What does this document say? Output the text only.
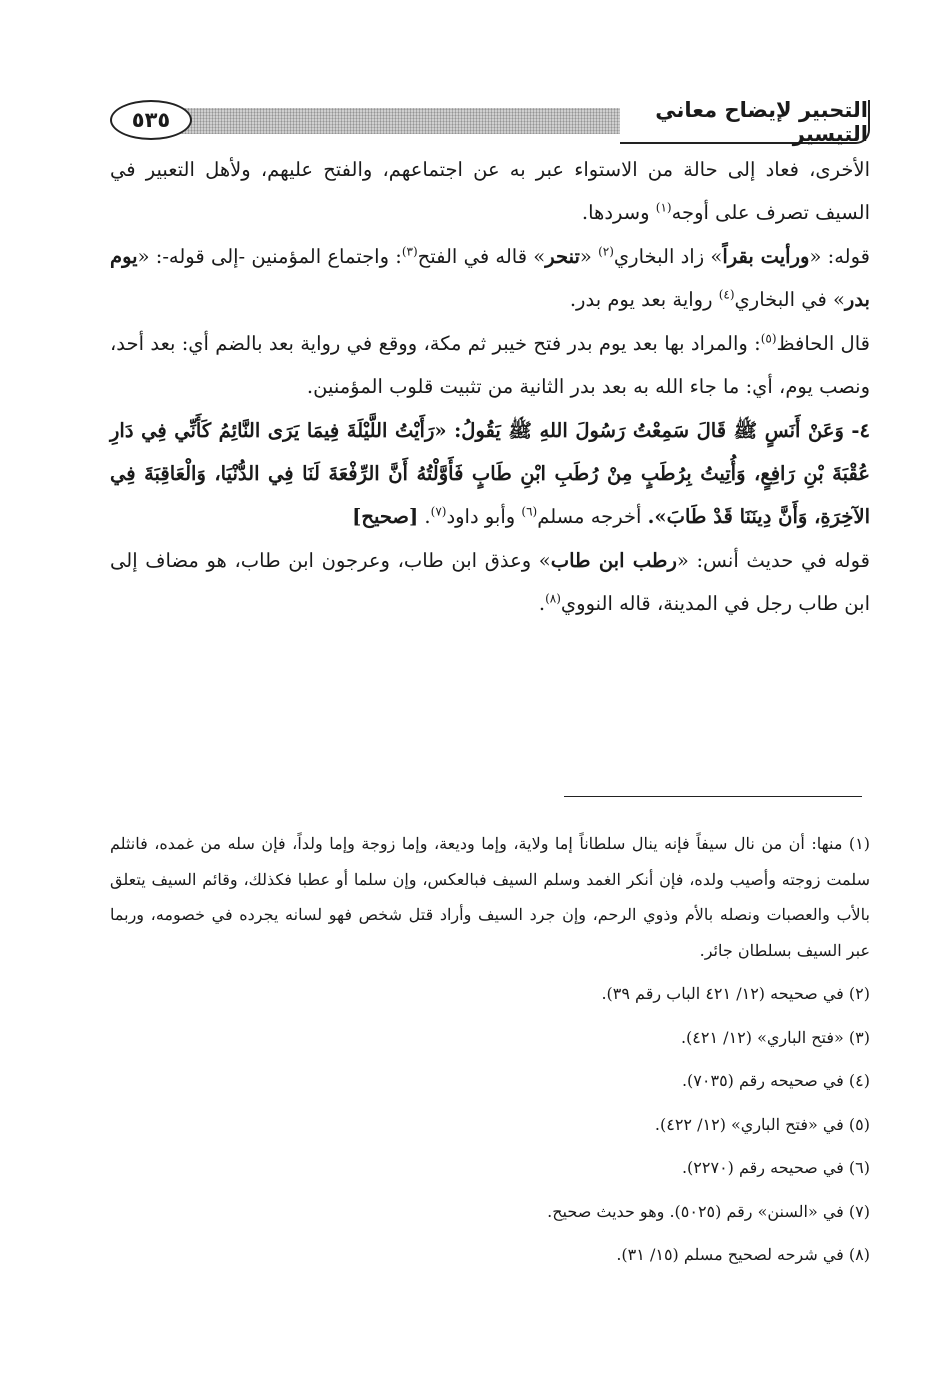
٥٣٥	التحبير لإيضاح معاني التيسير

الأخرى، فعاد إلى حالة من الاستواء عبر به عن اجتماعهم، والفتح عليهم، ولأهل التعبير في السيف تصرف على أوجه$^{(١)}$ وسردها.

قوله: «ورأيت بقراً» زاد البخاري$^{(٢)}$ «تنحر» قاله في الفتح$^{(٣)}$: واجتماع المؤمنين -إلى قوله-: «يوم بدر» في البخاري$^{(٤)}$ رواية بعد يوم بدر.

قال الحافظ$^{(٥)}$: والمراد بها بعد يوم بدر فتح خيبر ثم مكة، ووقع في رواية بعد بالضم أي: بعد أحد، ونصب يوم، أي: ما جاء الله به بعد بدر الثانية من تثبيت قلوب المؤمنين.

٤- وَعَنْ أَنَسٍ ﷺ قَالَ سَمِعْتُ رَسُولَ اللهِ ﷺ يَقُولُ: «رَأَيْتُ اللَّيْلَةَ فِيمَا يَرَى النَّائِمُ كَأَنِّي فِي دَارِ عُقْبَةَ بْنِ رَافِعٍ، وَأُتِيتُ بِرُطَبٍ مِنْ رُطَبِ ابْنِ طَابٍ فَأَوَّلْتُهُ أَنَّ الرِّفْعَةَ لَنَا فِي الدُّنْيَا، وَالْعَاقِبَةَ فِي الآخِرَةِ، وَأَنَّ دِينَنَا قَدْ طَابَ». أخرجه مسلم$^{(٦)}$ وأبو داود$^{(٧)}$. [صحيح]

قوله في حديث أنس: «رطب ابن طاب» وعذق ابن طاب، وعرجون ابن طاب، هو مضاف إلى ابن طاب رجل في المدينة، قاله النووي$^{(٨)}$.

(١) منها: أن من نال سيفاً فإنه ينال سلطاناً إما ولاية، وإما وديعة، وإما زوجة وإما ولداً، فإن سله من غمده، فانثلم سلمت زوجته وأصيب ولده، فإن أنكر الغمد وسلم السيف فبالعكس، وإن سلما أو عطبا فكذلك، وقائم السيف يتعلق بالأب والعصبات ونصله بالأم وذوي الرحم، وإن جرد السيف وأراد قتل شخص فهو لسانه يجرده في خصومه، وربما عبر السيف بسلطان جائر.

(٢) في صحيحه (١٢/ ٤٢١ الباب رقم ٣٩).

(٣) «فتح الباري» (١٢/ ٤٢١).

(٤) في صحيحه رقم (٧٠٣٥).

(٥) في «فتح الباري» (١٢/ ٤٢٢).

(٦) في صحيحه رقم (٢٢٧٠).

(٧) في «السنن» رقم (٥٠٢٥). وهو حديث صحيح.

(٨) في شرحه لصحيح مسلم (١٥/ ٣١).
